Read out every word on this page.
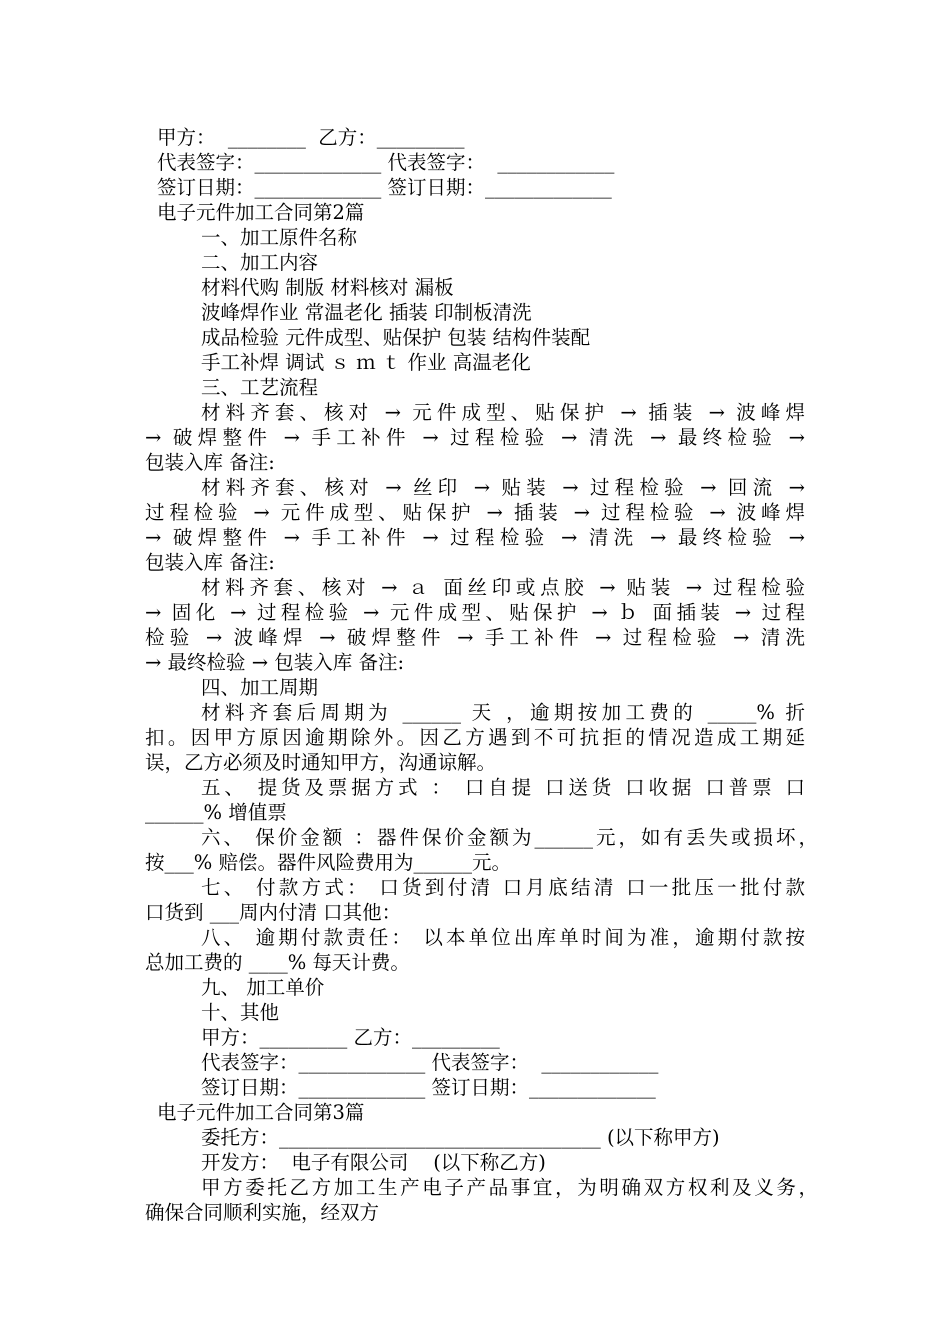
甲方：  ________  乙方：_________
代表签字：_____________ 代表签字：  ____________
签订日期：_____________ 签订日期：_____________
电子元件加工合同第2篇
一、加工原件名称
二、加工内容
材料代购 制版 材料核对 漏板
波峰焊作业 常温老化 插装 印制板清洗
成品检验 元件成型、贴保护 包装 结构件装配
手工补焊 调试 ｓ ｍ ｔ 作业 高温老化
三、工艺流程
材料齐套、核对 → 元件成型、贴保护 → 插装 → 波峰焊
→ 破焊整件 → 手工补件 → 过程检验 → 清洗 → 最终检验 →
包装入库 备注:
材料齐套、核对 → 丝印 → 贴装 → 过程检验 → 回流 →
过程检验 → 元件成型、贴保护 → 插装 → 过程检验 → 波峰焊
→ 破焊整件 → 手工补件 → 过程检验 → 清洗 → 最终检验 →
包装入库 备注:
材料齐套、核对 → ａ 面丝印或点胶 → 贴装 → 过程检验
→ 固化 → 过程检验 → 元件成型、贴保护 → ｂ 面插装 → 过程
检验 → 波峰焊 → 破焊整件 → 手工补件 → 过程检验 → 清洗
→ 最终检验 → 包装入库 备注:
四、加工周期
材料齐套后周期为 ______ 天 ，逾期按加工费的 _____% 折
扣。因甲方原因逾期除外。因乙方遇到不可抗拒的情况造成工期延
误，乙方必须及时通知甲方，沟通谅解。
五、 提货及票据方式 ： 口自提 口送货 口收据 口普票 口
______% 增值票
六、 保价金额 ：器件保价金额为______元，如有丢失或损坏，
按___% 赔偿。器件风险费用为______元。
七、 付款方式： 口货到付清 口月底结清 口一批压一批付款
口货到 ___周内付清 口其他：
八、 逾期付款责任： 以本单位出库单时间为准，逾期付款按
总加工费的 ____% 每天计费。
九、 加工单价
十、其他
甲方：_________ 乙方：_________
代表签字：_____________ 代表签字：  ____________
签订日期：_____________ 签订日期：_____________
电子元件加工合同第3篇
委托方：_________________________________ (以下称甲方)
开发方：  电子有限公司    (以下称乙方)
甲方委托乙方加工生产电子产品事宜，为明确双方权利及义务，
确保合同顺利实施，经双方
